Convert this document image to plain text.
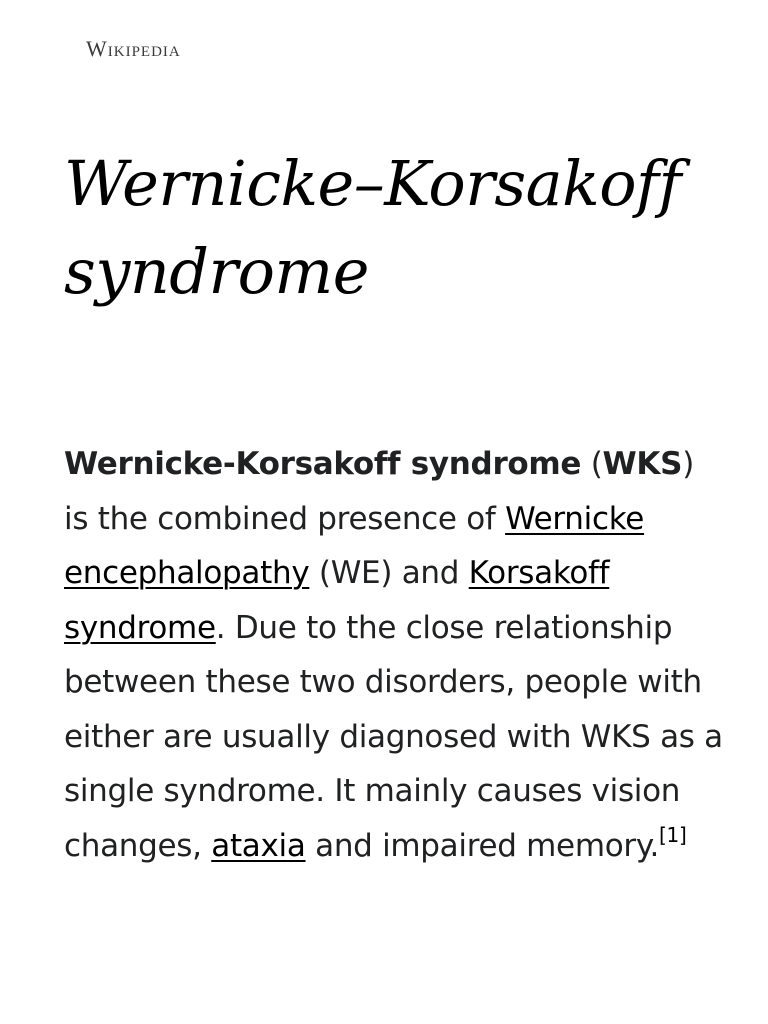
Wikipedia
Wernicke–Korsakoff syndrome

Wernicke-Korsakoff syndrome (WKS) is the combined presence of Wernicke encephalopathy (WE) and Korsakoff syndrome. Due to the close relationship between these two disorders, people with either are usually diagnosed with WKS as a single syndrome. It mainly causes vision changes, ataxia and impaired memory.[1]
